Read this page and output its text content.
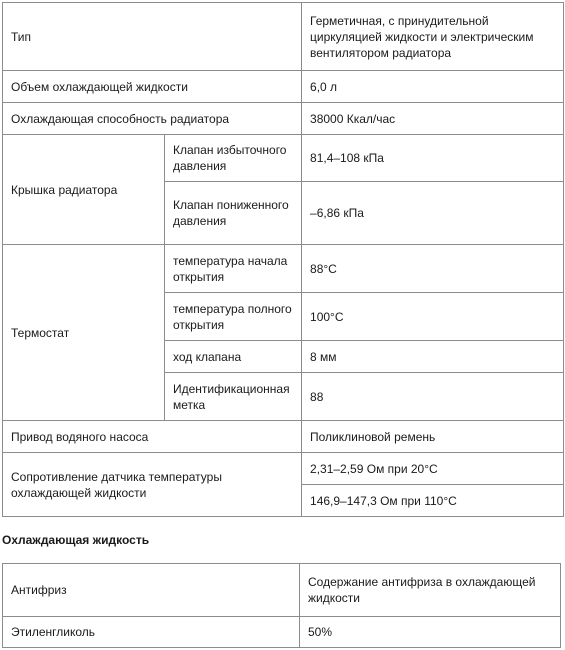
Тип		Герметичная, с принудительной циркуляцией жидкости и электрическим вентилятором радиатора
Объем охлаждающей жидкости		6,0 л
Охлаждающая способность радиатора		38000 Ккал/час
Крышка радиатора	Клапан избыточного давления	81,4–108 кПа
	Клапан пониженного давления	–6,86 кПа
Термостат	температура начала открытия	88°C
	температура полного открытия	100°C
	ход клапана	8 мм
	Идентификационная метка	88
Привод водяного насоса		Поликлиновой ремень
Сопротивление датчика температуры охлаждающей жидкости		2,31–2,59 Ом при 20°C
		146,9–147,3 Ом при 110°C
Охлаждающая жидкость
Антифриз	Содержание антифриза в охлаждающей жидкости
Этиленгликоль	50%
